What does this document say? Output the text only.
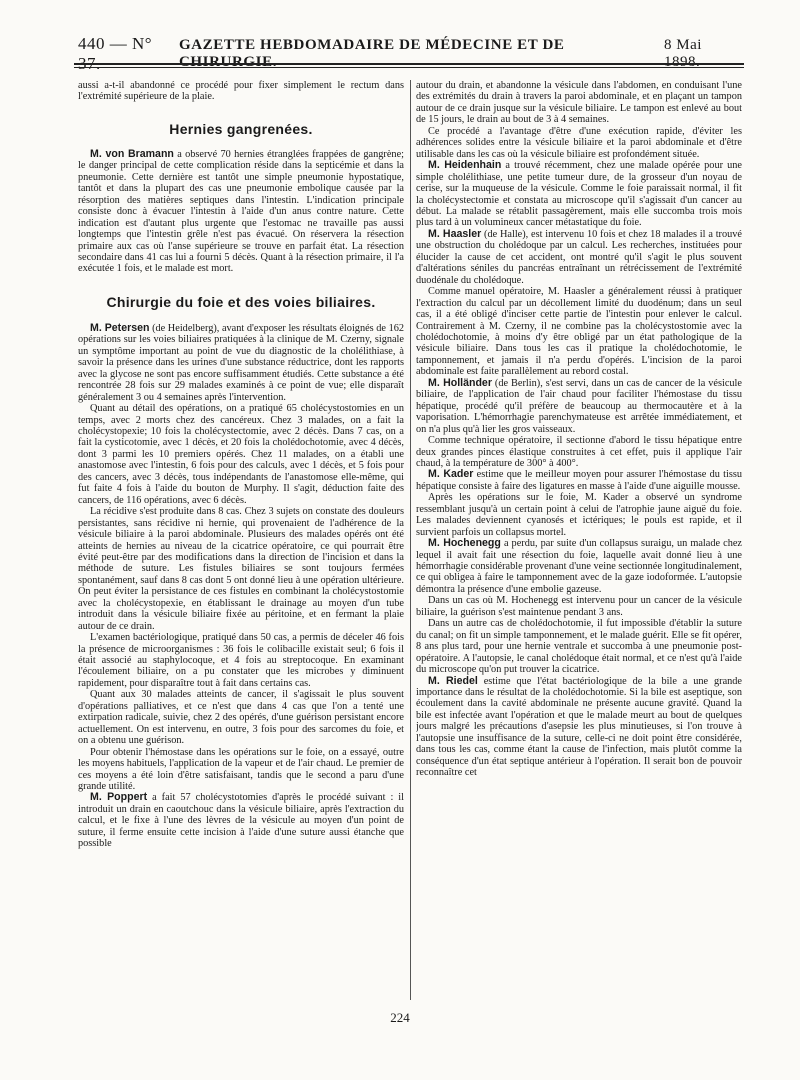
440 — N° 37.
GAZETTE HEBDOMADAIRE DE MÉDECINE ET DE CHIRURGIE.
8 Mai 1898.

aussi a-t-il abandonné ce procédé pour fixer simplement le rectum dans l'extrémité supérieure de la plaie.

Hernies gangrenées.

M. von Bramann a observé 70 hernies étranglées frappées de gangrène; le danger principal de cette complication réside dans la septicémie et dans la pneumonie. Cette dernière est tantôt une simple pneumonie hypostatique, tantôt et dans la plupart des cas une pneumonie embolique causée par la résorption des matières septiques dans l'intestin. L'indication principale consiste donc à évacuer l'intestin à l'aide d'un anus contre nature. Cette indication est d'autant plus urgente que l'estomac ne travaille pas aussi longtemps que l'intestin grêle n'est pas évacué. On réservera la résection primaire aux cas où l'anse supérieure se trouve en parfait état. La résection secondaire dans 41 cas lui a fourni 5 décès. Quant à la résection primaire, il l'a exécutée 1 fois, et le malade est mort.

Chirurgie du foie et des voies biliaires.

M. Petersen (de Heidelberg), avant d'exposer les résultats éloignés de 162 opérations sur les voies biliaires pratiquées à la clinique de M. Czerny, signale un symptôme important au point de vue du diagnostic de la cholélithiase, à savoir la présence dans les urines d'une substance réductrice, dont les rapports avec la glycose ne sont pas encore suffisamment étudiés. Cette substance a été rencontrée 28 fois sur 29 malades examinés à ce point de vue; elle disparaît généralement 3 ou 4 semaines après l'intervention.

Quant au détail des opérations, on a pratiqué 65 cholécystostomies en un temps, avec 2 morts chez des cancéreux. Chez 3 malades, on a fait la cholécystopexie; 10 fois la cholécystectomie, avec 2 décès. Dans 7 cas, on a fait la cysticotomie, avec 1 décès, et 20 fois la cholédochotomie, avec 4 décès, dont 3 parmi les 10 premiers opérés. Chez 11 malades, on a établi une anastomose avec l'intestin, 6 fois pour des calculs, avec 1 décès, et 5 fois pour des cancers, avec 3 décès, tous indépendants de l'anastomose elle-même, qui fut faite 4 fois à l'aide du bouton de Murphy. Il s'agit, déduction faite des cancers, de 116 opérations, avec 6 décès.

La récidive s'est produite dans 8 cas. Chez 3 sujets on constate des douleurs persistantes, sans récidive ni hernie, qui provenaient de l'adhérence de la vésicule biliaire à la paroi abdominale. Plusieurs des malades opérés ont été atteints de hernies au niveau de la cicatrice opératoire, ce qui pourrait être évité peut-être par des modifications dans la direction de l'incision et dans la méthode de suture. Les fistules biliaires se sont toujours fermées spontanément, sauf dans 8 cas dont 5 ont donné lieu à une opération ultérieure. On peut éviter la persistance de ces fistules en combinant la cholécystostomie avec la cholécystopexie, en établissant le drainage au moyen d'un tube introduit dans la vésicule biliaire fixée au péritoine, et en fermant la plaie autour de ce drain.

L'examen bactériologique, pratiqué dans 50 cas, a permis de déceler 46 fois la présence de microorganismes : 36 fois le colibacille existait seul; 6 fois il était associé au staphylocoque, et 4 fois au streptocoque. En examinant l'écoulement biliaire, on a pu constater que les microbes y diminuent rapidement, pour disparaître tout à fait dans certains cas.

Quant aux 30 malades atteints de cancer, il s'agissait le plus souvent d'opérations palliatives, et ce n'est que dans 4 cas que l'on a tenté une extirpation radicale, suivie, chez 2 des opérés, d'une guérison persistant encore actuellement. On est intervenu, en outre, 3 fois pour des sarcomes du foie, et on a obtenu une guérison.

Pour obtenir l'hémostase dans les opérations sur le foie, on a essayé, outre les moyens habituels, l'application de la vapeur et de l'air chaud. Le premier de ces moyens a été loin d'être satisfaisant, tandis que le second a paru d'une grande utilité.

M. Poppert a fait 57 cholécystotomies d'après le procédé suivant : il introduit un drain en caoutchouc dans la vésicule biliaire, après l'extraction du calcul, et le fixe à l'une des lèvres de la vésicule au moyen d'un point de suture, il ferme ensuite cette incision à l'aide d'une suture aussi étanche que possible

autour du drain, et abandonne la vésicule dans l'abdomen, en conduisant l'une des extrémités du drain à travers la paroi abdominale, et en plaçant un tampon autour de ce drain jusque sur la vésicule biliaire. Le tampon est enlevé au bout de 15 jours, le drain au bout de 3 à 4 semaines.

Ce procédé a l'avantage d'être d'une exécution rapide, d'éviter les adhérences solides entre la vésicule biliaire et la paroi abdominale et d'être utilisable dans les cas où la vésicule biliaire est profondément située.

M. Heidenhain a trouvé récemment, chez une malade opérée pour une simple cholélithiase, une petite tumeur dure, de la grosseur d'un noyau de cerise, sur la muqueuse de la vésicule. Comme le foie paraissait normal, il fit la cholécystectomie et constata au microscope qu'il s'agissait d'un cancer au début. La malade se rétablit passagèrement, mais elle succomba trois mois plus tard à un volumineux cancer métastatique du foie.

M. Haasler (de Halle), est intervenu 10 fois et chez 18 malades il a trouvé une obstruction du cholédoque par un calcul. Les recherches, instituées pour élucider la cause de cet accident, ont montré qu'il s'agit le plus souvent d'altérations séniles du pancréas entraînant un rétrécissement de l'extrémité duodénale du cholédoque.

Comme manuel opératoire, M. Haasler a généralement réussi à pratiquer l'extraction du calcul par un décollement limité du duodénum; dans un seul cas, il a été obligé d'inciser cette partie de l'intestin pour enlever le calcul. Contrairement à M. Czerny, il ne combine pas la cholécystostomie avec la cholédochotomie, à moins d'y être obligé par un état pathologique de la vésicule biliaire. Dans tous les cas il pratique la cholédochotomie, le tamponnement, et jamais il n'a perdu d'opérés. L'incision de la paroi abdominale est faite parallèlement au rebord costal.

M. Holländer (de Berlin), s'est servi, dans un cas de cancer de la vésicule biliaire, de l'application de l'air chaud pour faciliter l'hémostase du tissu hépatique, procédé qu'il préfère de beaucoup au thermocautère et à la vaporisation. L'hémorrhagie parenchymateuse est arrêtée immédiatement, et on n'a plus qu'à lier les gros vaisseaux.

Comme technique opératoire, il sectionne d'abord le tissu hépatique entre deux grandes pinces élastique construites à cet effet, puis il applique l'air chaud, à la température de 300° à 400°.

M. Kader estime que le meilleur moyen pour assurer l'hémostase du tissu hépatique consiste à faire des ligatures en masse à l'aide d'une aiguille mousse.

Après les opérations sur le foie, M. Kader a observé un syndrome ressemblant jusqu'à un certain point à celui de l'atrophie jaune aiguë du foie. Les malades deviennent cyanosés et ictériques; le pouls est rapide, et il survient parfois un collapsus mortel.

M. Hochenegg a perdu, par suite d'un collapsus suraigu, un malade chez lequel il avait fait une résection du foie, laquelle avait donné lieu à une hémorrhagie considérable provenant d'une veine sectionnée longitudinalement, ce qui obligea à faire le tamponnement avec de la gaze iodoformée. L'autopsie démontra la présence d'une embolie gazeuse.

Dans un cas où M. Hochenegg est intervenu pour un cancer de la vésicule biliaire, la guérison s'est maintenue pendant 3 ans.

Dans un autre cas de cholédochotomie, il fut impossible d'établir la suture du canal; on fit un simple tamponnement, et le malade guérit. Elle se fit opérer, 8 ans plus tard, pour une hernie ventrale et succomba à une pneumonie post-opératoire. A l'autopsie, le canal cholédoque était normal, et ce n'est qu'à l'aide du microscope qu'on put trouver la cicatrice.

M. Riedel estime que l'état bactériologique de la bile a une grande importance dans le résultat de la cholédochotomie. Si la bile est aseptique, son écoulement dans la cavité abdominale ne présente aucune gravité. Quand la bile est infectée avant l'opération et que le malade meurt au bout de quelques jours malgré les précautions d'asepsie les plus minutieuses, si l'on trouve à l'autopsie une insuffisance de la suture, celle-ci ne doit point être considérée, dans tous les cas, comme étant la cause de l'infection, mais plutôt comme la conséquence d'un état septique antérieur à l'opération. Il serait bon de pouvoir reconnaître cet

224
